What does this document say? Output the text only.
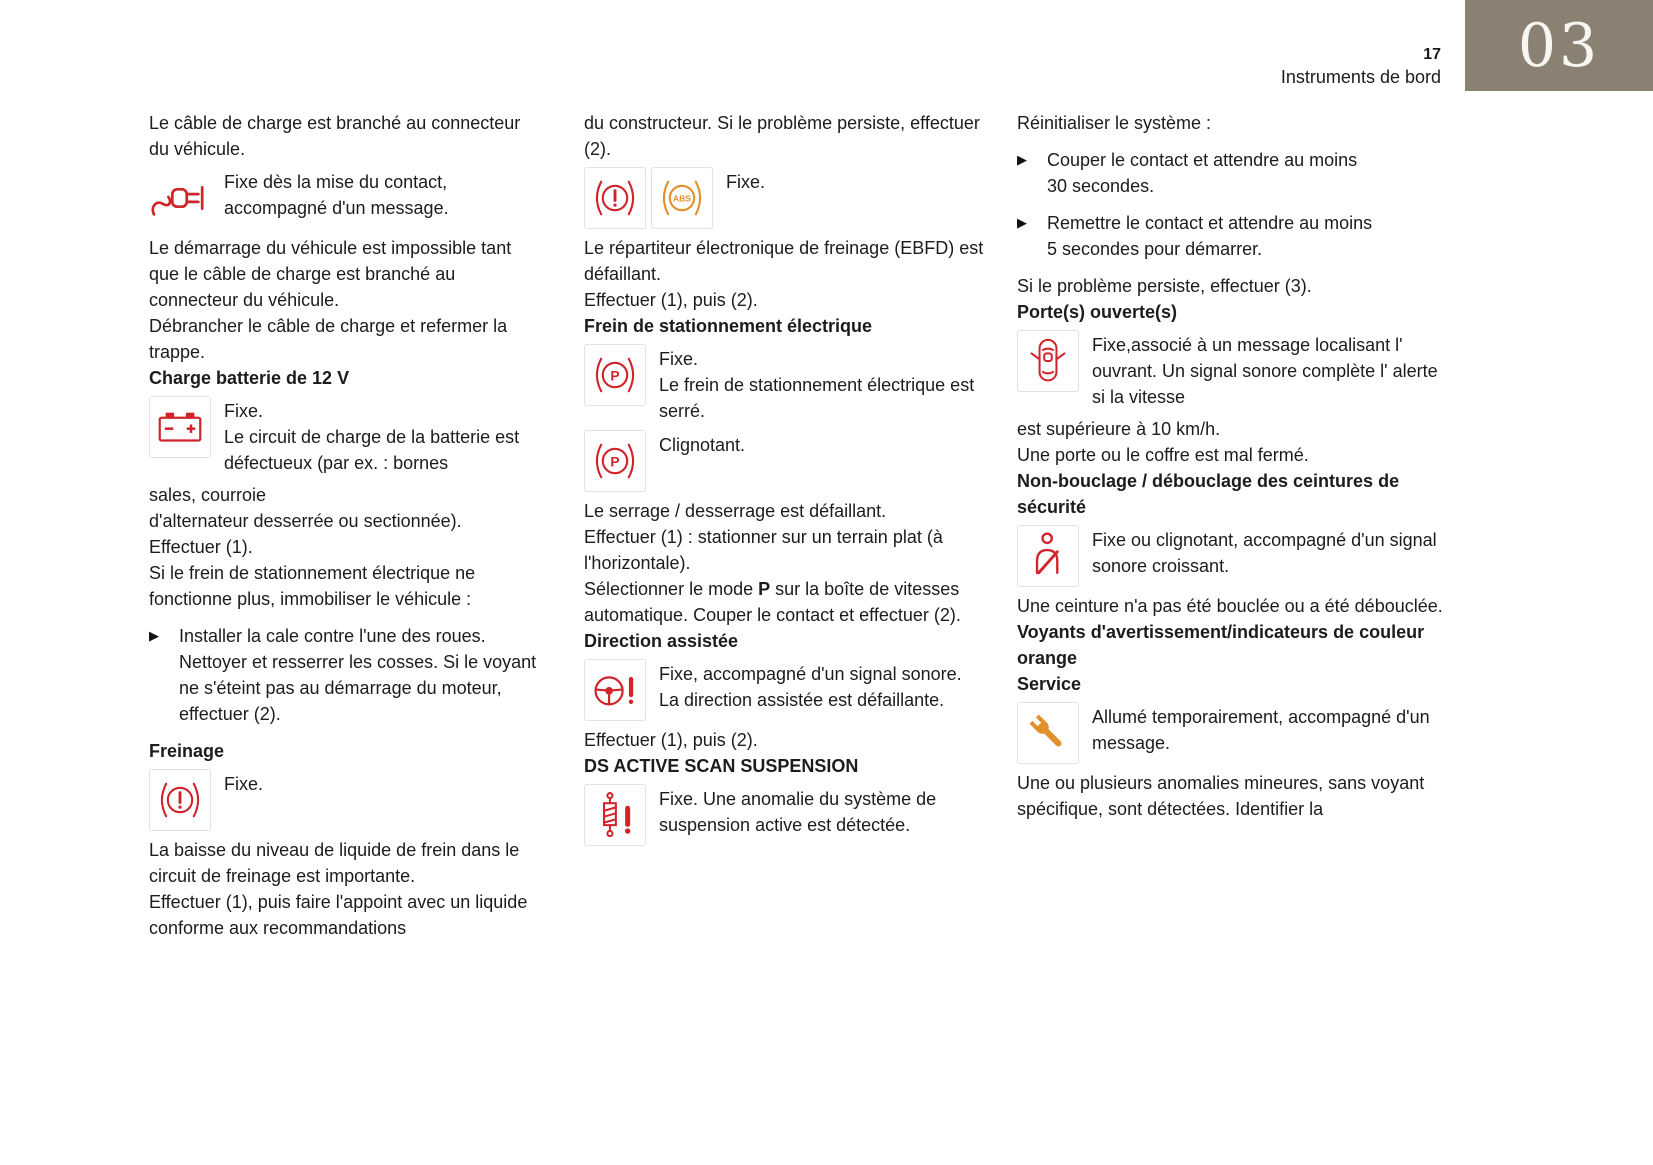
17
Instruments de bord 03

Le câble de charge est branché au connecteur du véhicule.

Fixe dès la mise du contact,
accompagné d'un message.

Le démarrage du véhicule est impossible tant que le câble de charge est branché au connecteur du véhicule.

Débrancher le câble de charge et refermer la trappe.

Charge batterie de 12 V

Fixe.
Le circuit de charge de la batterie est défectueux (par ex. : bornes

sales, courroie

d'alternateur desserrée ou sectionnée).

Effectuer (1).

Si le frein de stationnement électrique ne fonctionne plus, immobiliser le véhicule :

▶	Installer la cale contre l'une des roues. Nettoyer et resserrer les cosses. Si le voyant ne s'éteint pas au démarrage du moteur, effectuer (2).

Freinage

Fixe.

La baisse du niveau de liquide de frein dans le circuit de freinage est importante.

Effectuer (1), puis faire l'appoint avec un liquide conforme aux recommandations

du constructeur. Si le problème persiste, effectuer (2).

ABS
Fixe.

Le répartiteur électronique de freinage (EBFD) est défaillant.

Effectuer (1), puis (2).

Frein de stationnement électrique

P
Fixe.
Le frein de stationnement électrique est serré.
P
Clignotant.

Le serrage / desserrage est défaillant.

Effectuer (1) : stationner sur un terrain plat (à l'horizontale).

Sélectionner le mode P sur la boîte de vitesses automatique. Couper le contact et effectuer (2).

Direction assistée

Fixe, accompagné d'un signal sonore. La direction assistée est défaillante.

Effectuer (1), puis (2).

DS ACTIVE SCAN SUSPENSION

Fixe. Une anomalie du système de suspension active est détectée.

Réinitialiser le système :

▶	Couper le contact et attendre au moins 30 secondes.
▶	Remettre le contact et attendre au moins 5 secondes pour démarrer.

Si le problème persiste, effectuer (3).

Porte(s) ouverte(s)

Fixe,associé à un message localisant l' ouvrant. Un signal sonore complète l' alerte si la vitesse

est supérieure à 10 km/h.

Une porte ou le coffre est mal fermé.

Non-bouclage / débouclage des ceintures de sécurité

Fixe ou clignotant, accompagné d'un signal sonore croissant.

Une ceinture n'a pas été bouclée ou a été débouclée.

Voyants d'avertissement/indicateurs de couleur orange

Service

Allumé temporairement, accompagné d'un message.

Une ou plusieurs anomalies mineures, sans voyant spécifique, sont détectées. Identifier la
